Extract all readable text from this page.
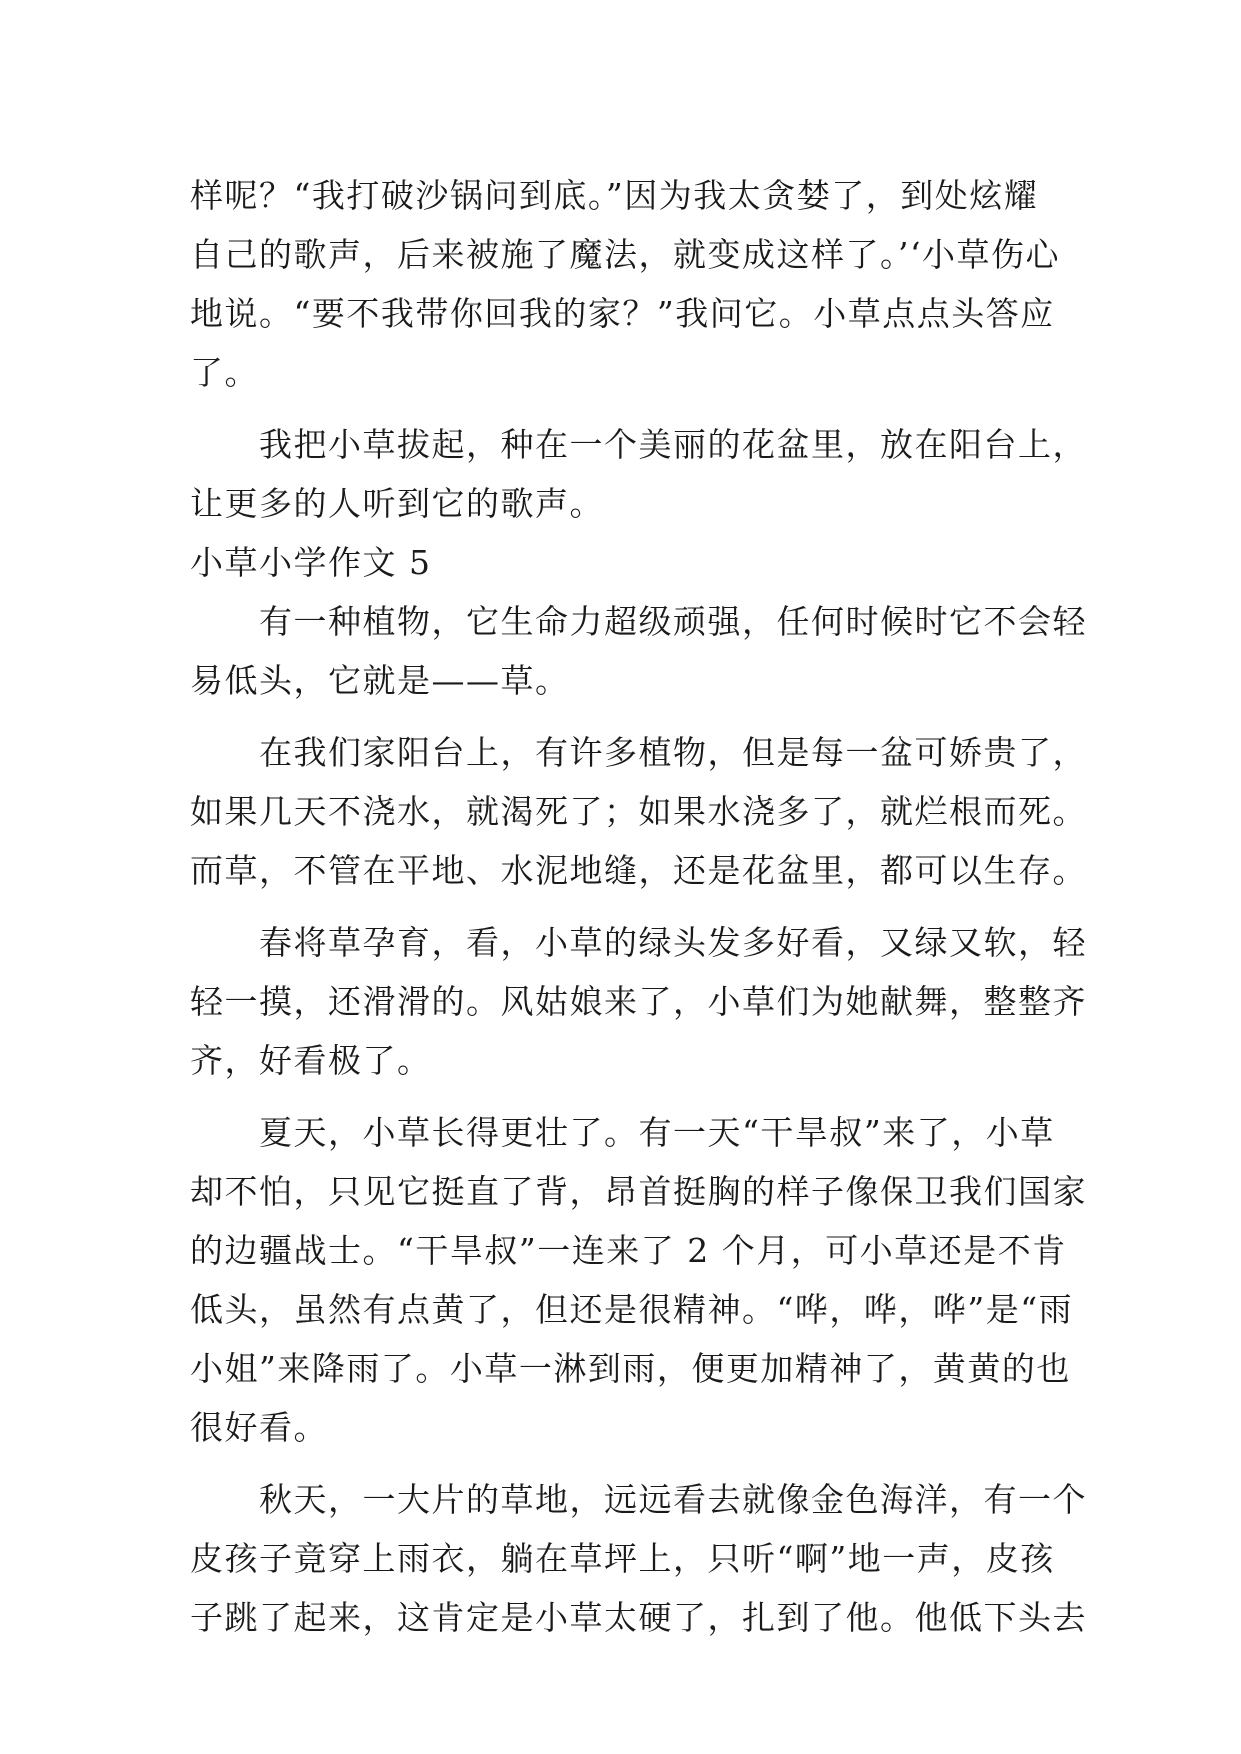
样呢？“我打破沙锅问到底。”因为我太贪婪了，到处炫耀
自己的歌声，后来被施了魔法，就变成这样了。’‘小草伤心
地说。“要不我带你回我的家？”我问它。小草点点头答应
了。
　　我把小草拔起，种在一个美丽的花盆里，放在阳台上，
让更多的人听到它的歌声。
小草小学作文 5
　　有一种植物，它生命力超级顽强，任何时候时它不会轻
易低头，它就是——草。
　　在我们家阳台上，有许多植物，但是每一盆可娇贵了，
如果几天不浇水，就渴死了；如果水浇多了，就烂根而死。
而草，不管在平地、水泥地缝，还是花盆里，都可以生存。
　　春将草孕育，看，小草的绿头发多好看，又绿又软，轻
轻一摸，还滑滑的。风姑娘来了，小草们为她献舞，整整齐
齐，好看极了。
　　夏天，小草长得更壮了。有一天“干旱叔”来了，小草
却不怕，只见它挺直了背，昂首挺胸的样子像保卫我们国家
的边疆战士。“干旱叔”一连来了 2 个月，可小草还是不肯
低头，虽然有点黄了，但还是很精神。“哗，哗，哗”是“雨
小姐”来降雨了。小草一淋到雨，便更加精神了，黄黄的也
很好看。
　　秋天，一大片的草地，远远看去就像金色海洋，有一个
皮孩子竟穿上雨衣，躺在草坪上，只听“啊”地一声，皮孩
子跳了起来，这肯定是小草太硬了，扎到了他。他低下头去
